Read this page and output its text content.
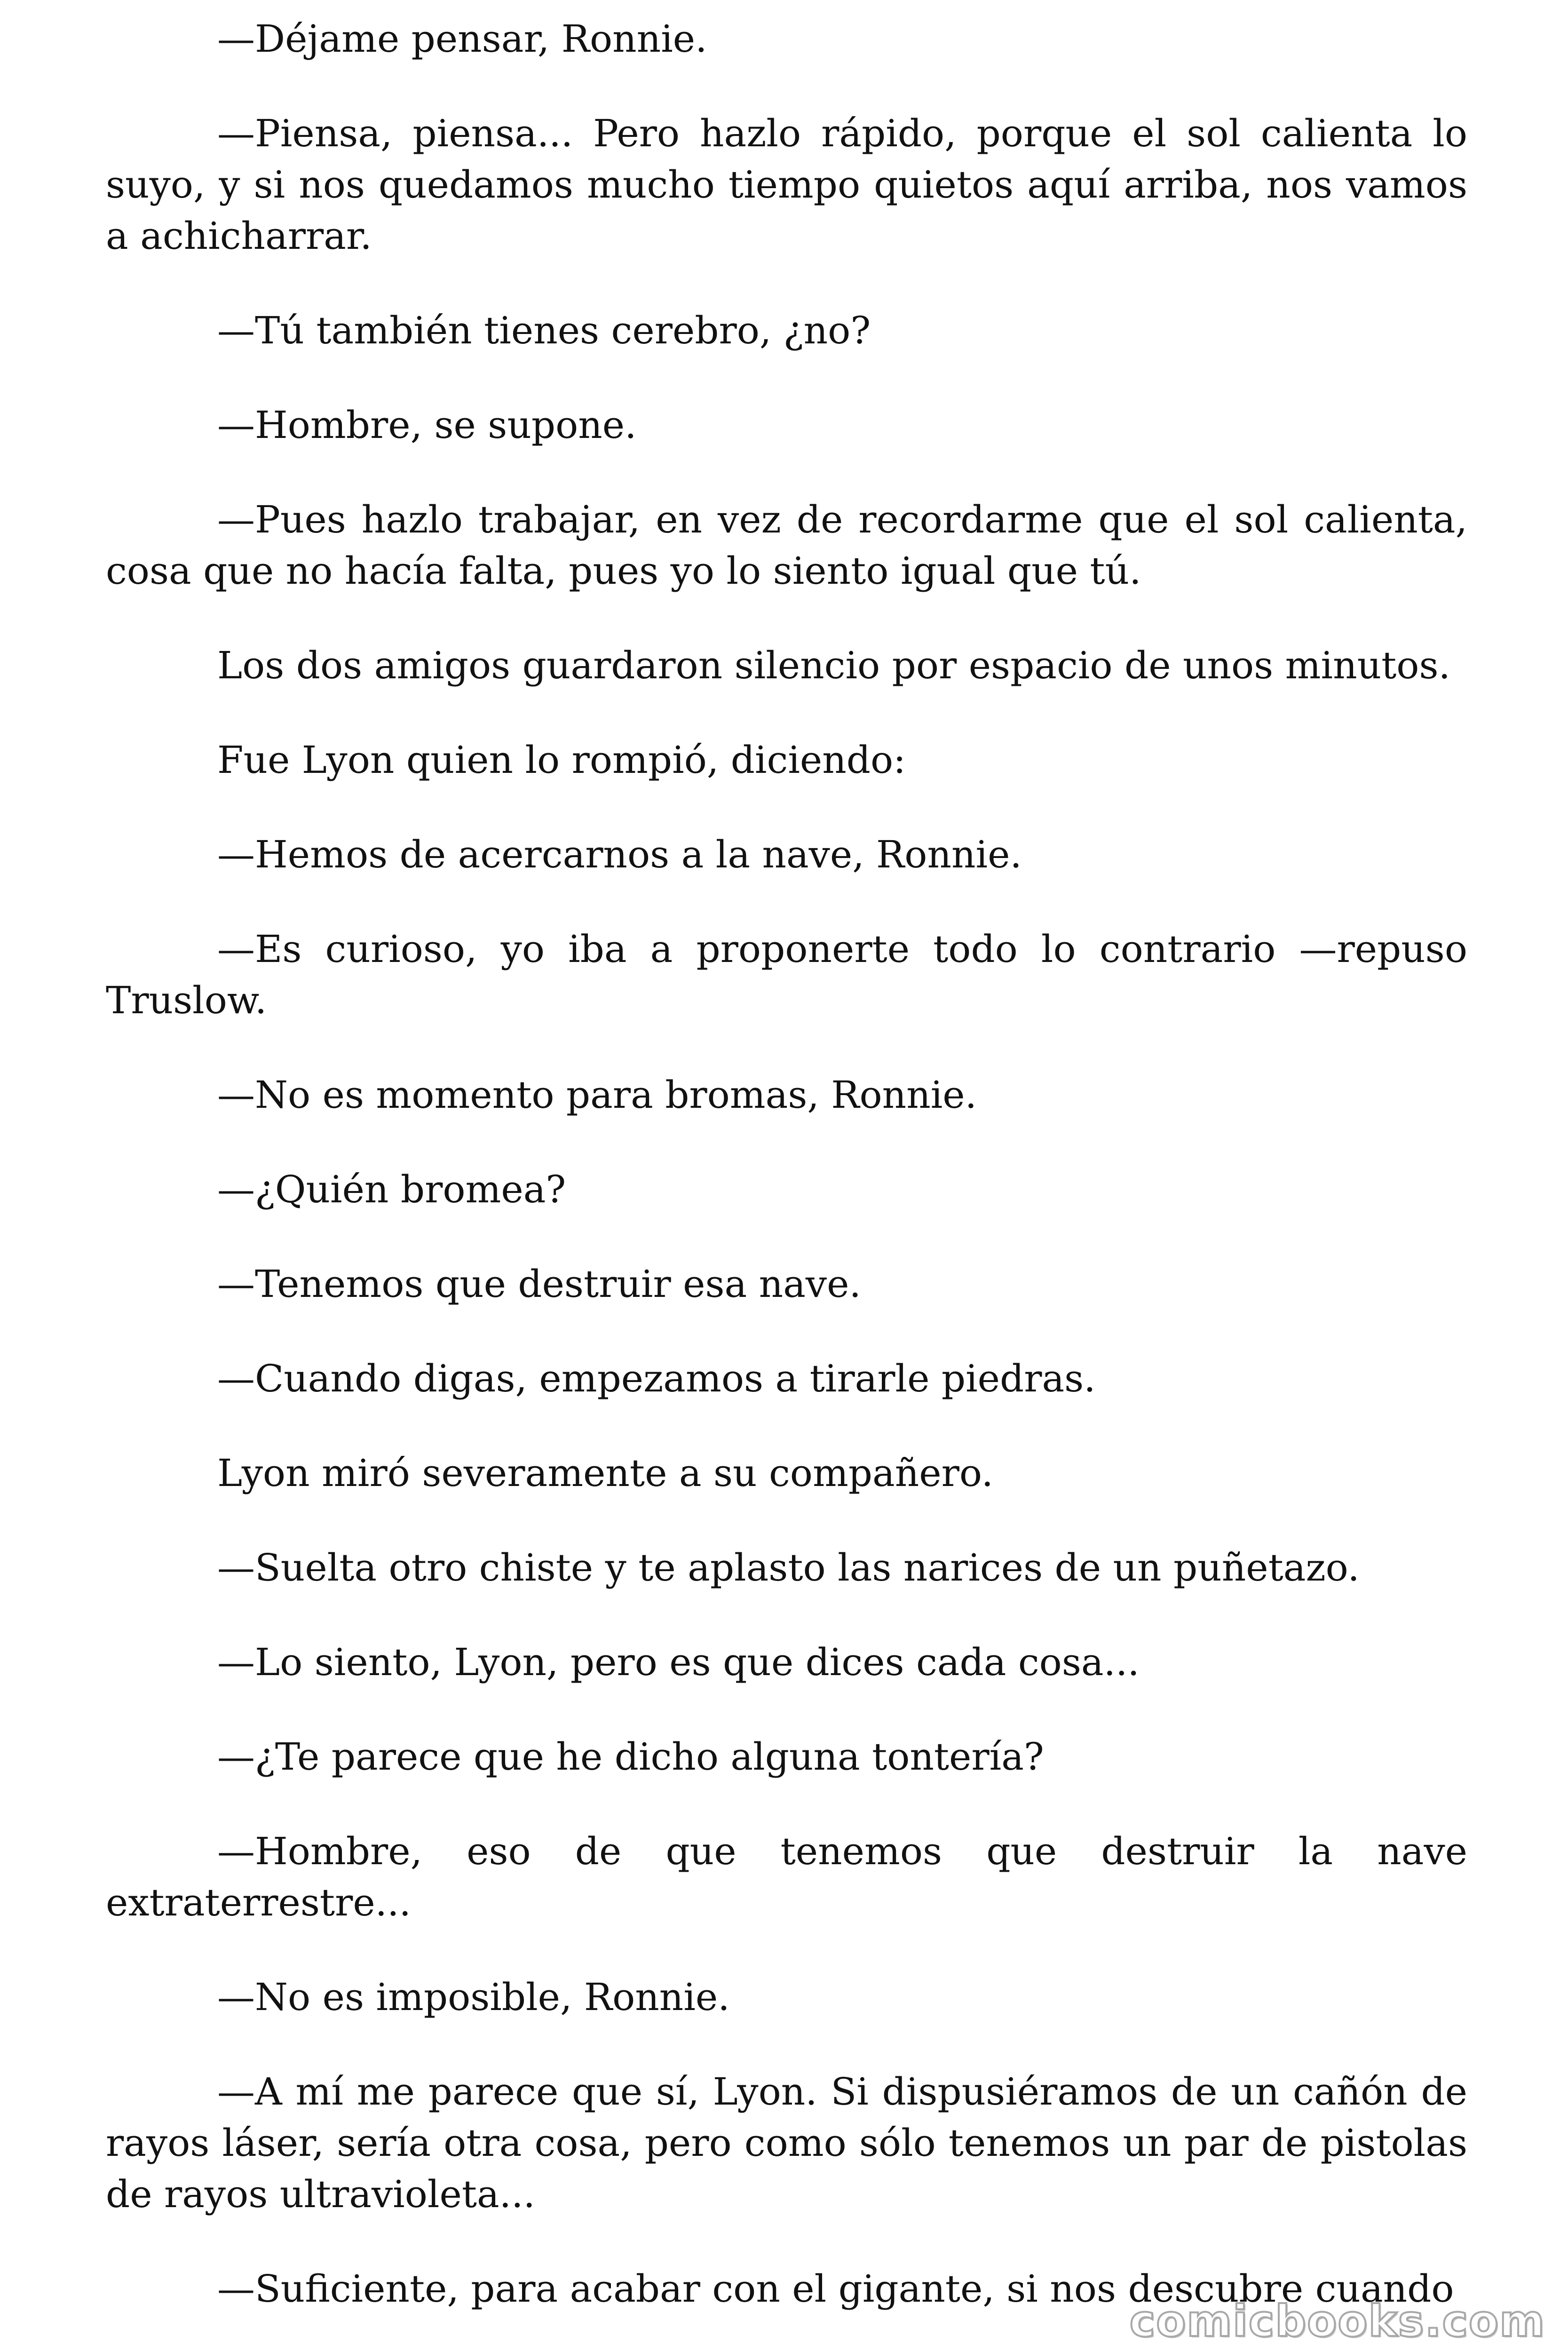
—Déjame pensar, Ronnie.

—Piensa, piensa... Pero hazlo rápido, porque el sol calienta lo suyo, y si nos quedamos mucho tiempo quietos aquí arriba, nos vamos a achicharrar.

—Tú también tienes cerebro, ¿no?

—Hombre, se supone.

—Pues hazlo trabajar, en vez de recordarme que el sol calienta, cosa que no hacía falta, pues yo lo siento igual que tú.

Los dos amigos guardaron silencio por espacio de unos minutos.

Fue Lyon quien lo rompió, diciendo:

—Hemos de acercarnos a la nave, Ronnie.

—Es curioso, yo iba a proponerte todo lo contrario —repuso Truslow.

—No es momento para bromas, Ronnie.

—¿Quién bromea?

—Tenemos que destruir esa nave.

—Cuando digas, empezamos a tirarle piedras.

Lyon miró severamente a su compañero.

—Suelta otro chiste y te aplasto las narices de un puñetazo.

—Lo siento, Lyon, pero es que dices cada cosa...

—¿Te parece que he dicho alguna tontería?

—Hombre, eso de que tenemos que destruir la nave extraterrestre...

—No es imposible, Ronnie.

—A mí me parece que sí, Lyon. Si dispusiéramos de un cañón de rayos láser, sería otra cosa, pero como sólo tenemos un par de pistolas de rayos ultravioleta...

—Suficiente, para acabar con el gigante, si nos descubre cuando

comicbooks.com
